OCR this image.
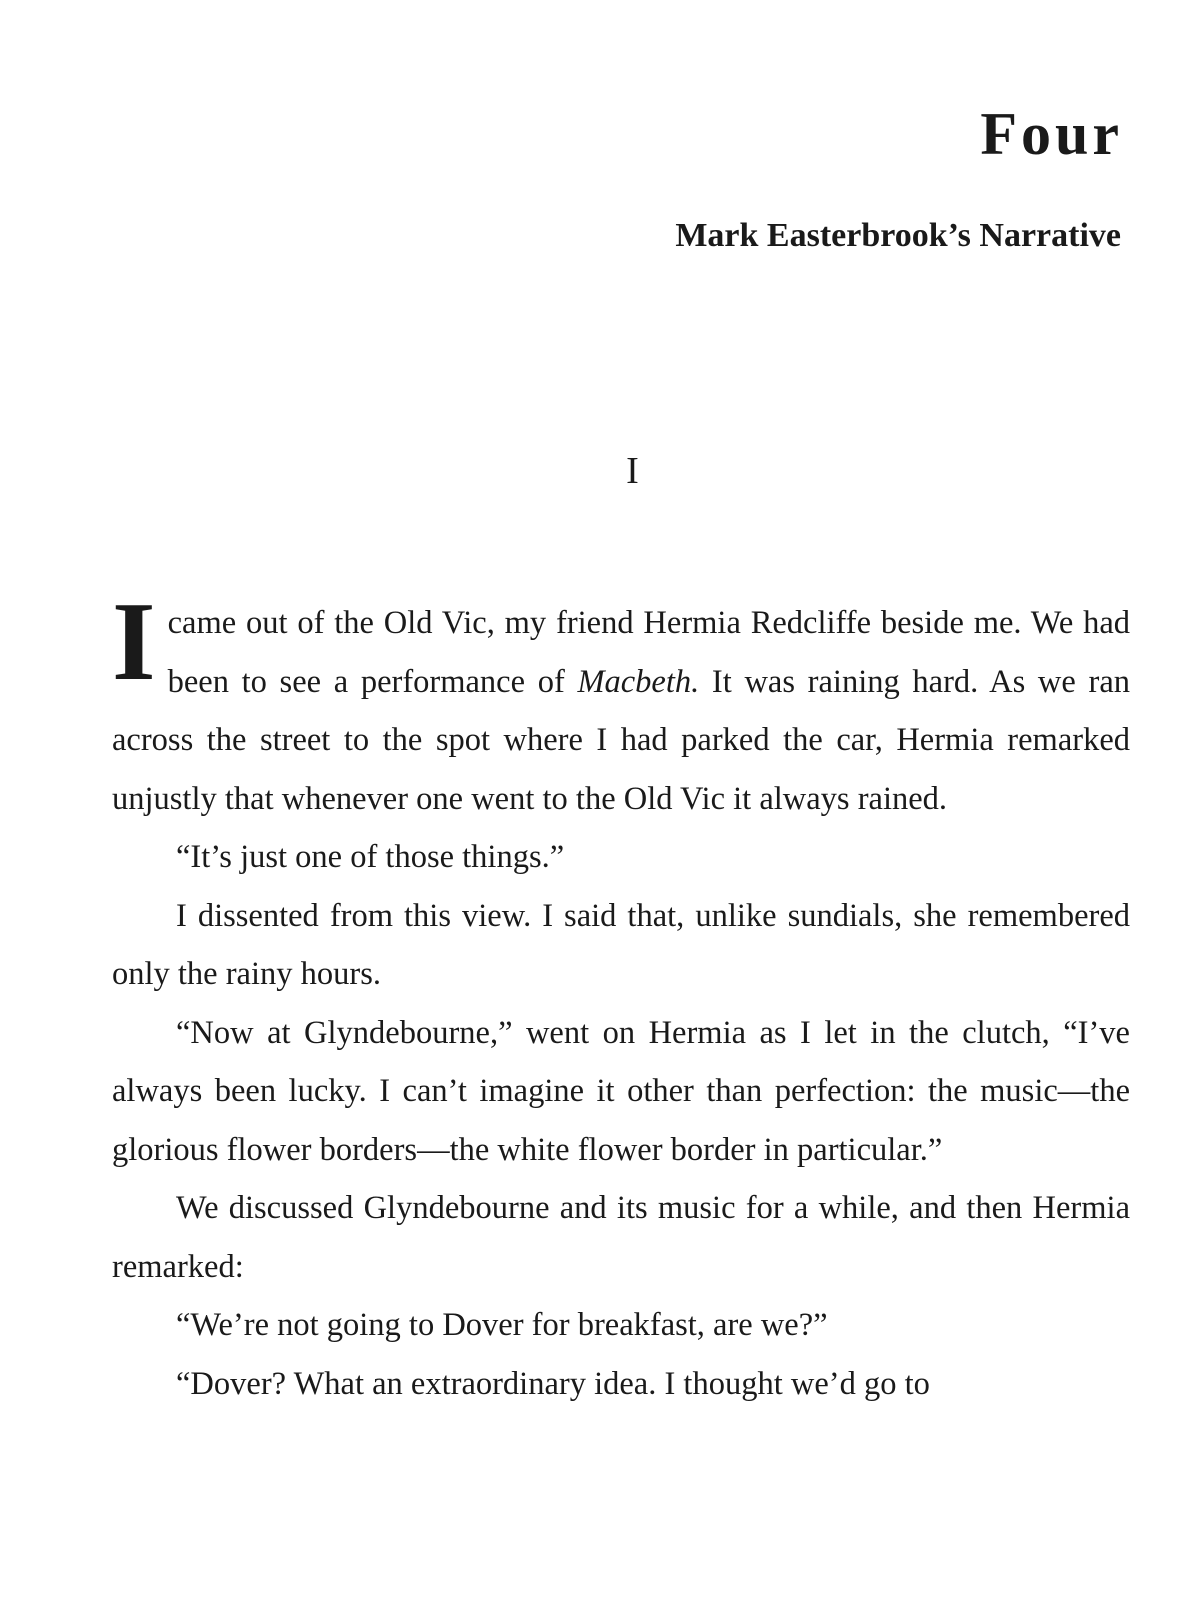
Four
Mark Easterbrook’s Narrative
I

I came out of the Old Vic, my friend Hermia Redcliffe beside me. We had been to see a performance of Macbeth. It was raining hard. As we ran across the street to the spot where I had parked the car, Hermia remarked unjustly that whenever one went to the Old Vic it always rained.

“It’s just one of those things.”

I dissented from this view. I said that, unlike sundials, she remembered only the rainy hours.

“Now at Glyndebourne,” went on Hermia as I let in the clutch, “I’ve always been lucky. I can’t imagine it other than perfection: the music—the glorious flower borders—the white flower border in particular.”

We discussed Glyndebourne and its music for a while, and then Hermia remarked:

“We’re not going to Dover for breakfast, are we?”

“Dover? What an extraordinary idea. I thought we’d go to
